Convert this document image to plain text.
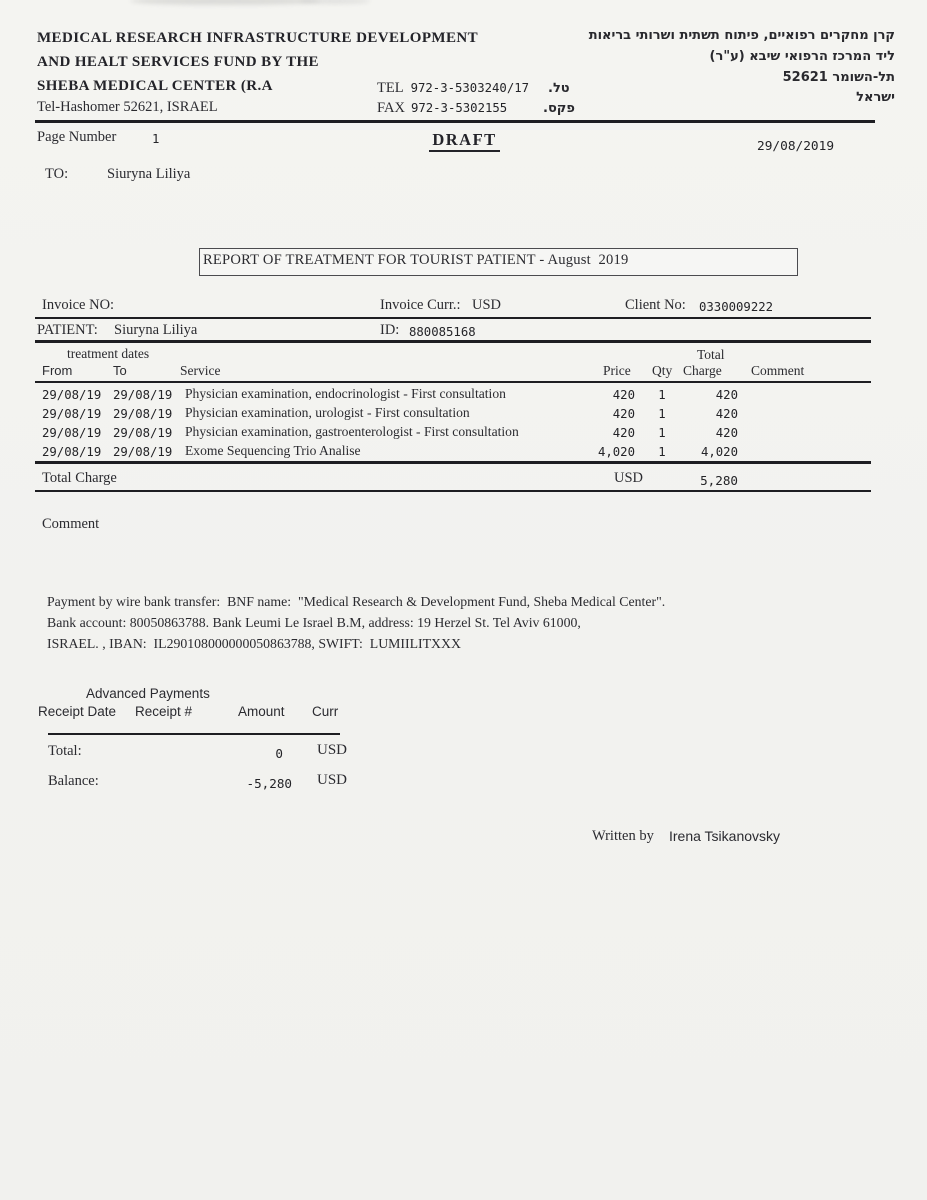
MEDICAL RESEARCH INFRASTRUCTURE DEVELOPMENT
AND HEALT SERVICES FUND BY THE
SHEBA MEDICAL CENTER (R.A
Tel-Hashomer 52621, ISRAEL
TEL 972-3-5303240/17
FAX 972-3-5302155
טל.
פקס.
קרן מחקרים רפואיים, פיתוח תשתית ושרותי בריאות
ליד המרכז הרפואי שיבא (ע"ר)
תל-השומר 52621
ישראל
Page Number	1	DRAFT	29/08/2019
TO:	Siuryna Liliya

REPORT OF TREATMENT FOR TOURIST PATIENT - August  2019

Invoice NO:	Invoice Curr.: USD	Client No: 0330009222
PATIENT: Siuryna Liliya	ID: 880085168
treatment dates	Total
From	To	Service	Price Qty Charge Comment
29/08/19 29/08/19 Physician examination, endocrinologist - First consultation	420	1	420
29/08/19 29/08/19 Physician examination, urologist - First consultation	420	1	420
29/08/19 29/08/19 Physician examination, gastroenterologist - First consultation	420	1	420
29/08/19 29/08/19 Exome Sequencing Trio Analise	4,020	1	4,020
Total Charge	USD	5,280
Comment
Payment by wire bank transfer:  BNF name:  "Medical Research & Development Fund, Sheba Medical Center".
Bank account: 80050863788. Bank Leumi Le Israel B.M, address: 19 Herzel St. Tel Aviv 61000,
ISRAEL. , IBAN:  IL290108000000050863788, SWIFT:  LUMIILITXXX
Advanced Payments
Receipt Date Receipt #	Amount Curr
Total:	0 USD
Balance:	-5,280 USD
Written by Irena Tsikanovsky
